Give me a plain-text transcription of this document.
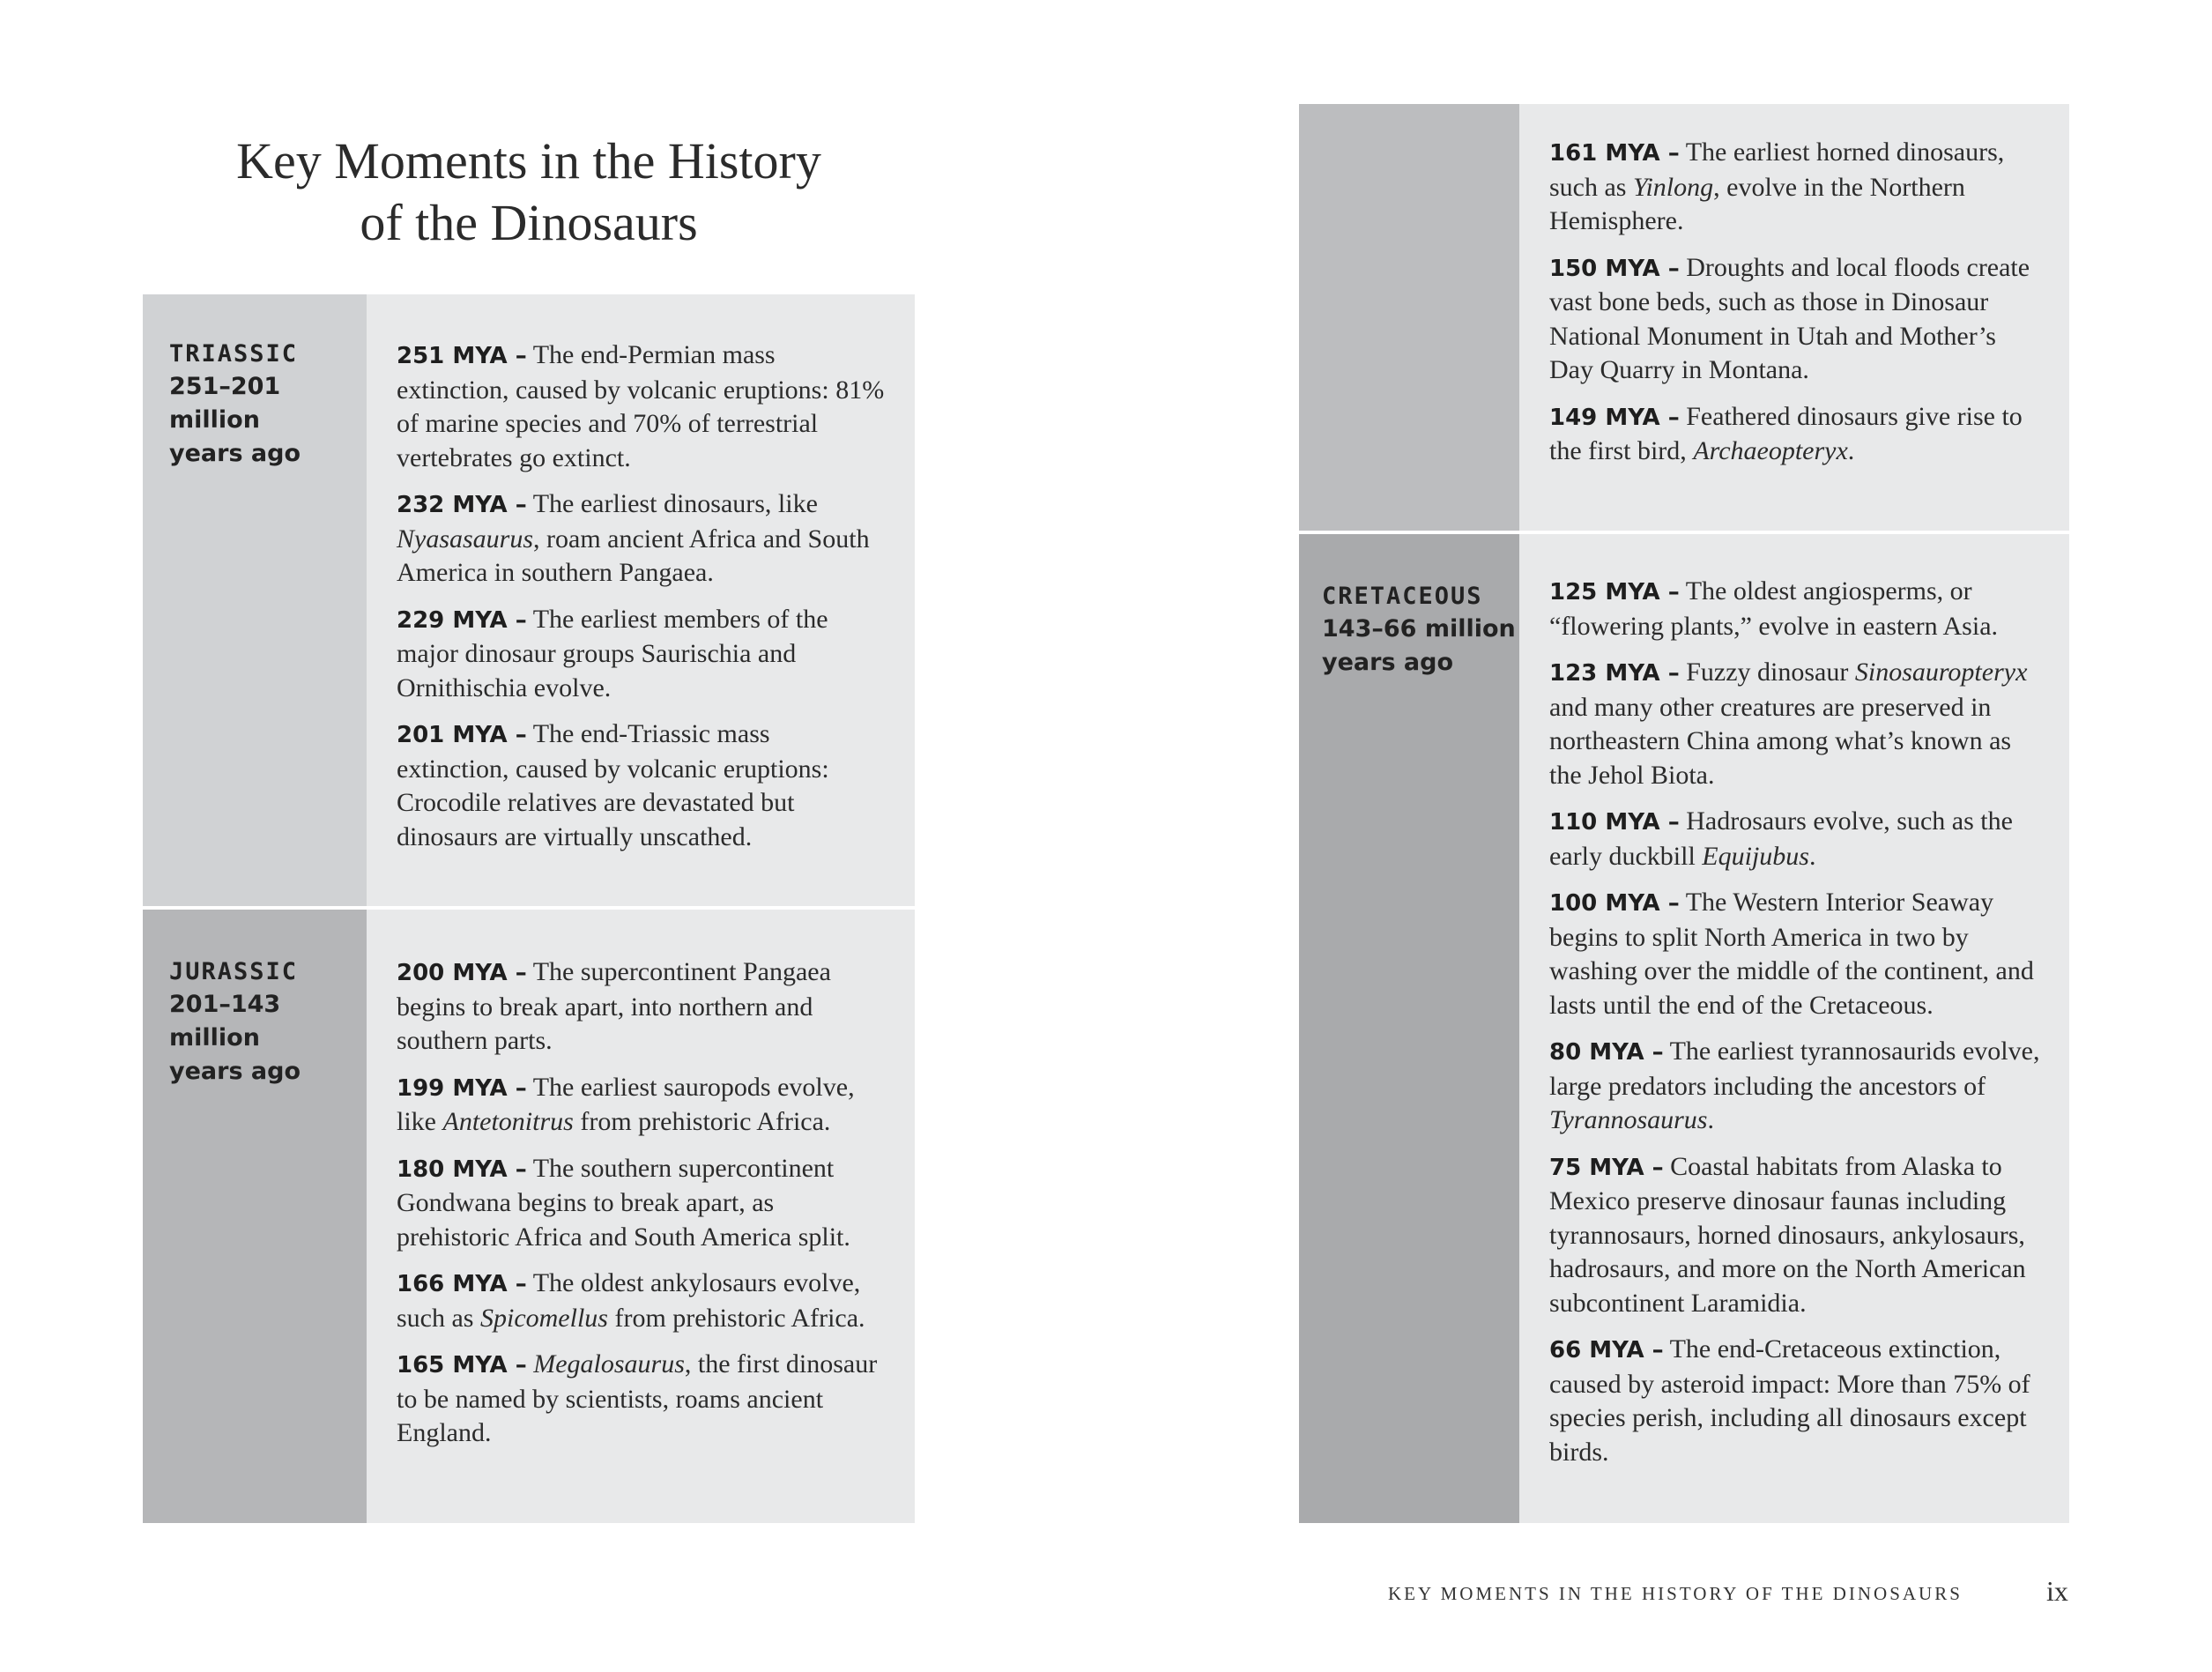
Key Moments in the History
of the Dinosaurs
TRIASSIC
251–201 million
years ago
251 MYA – The end-Permian mass extinction, caused by volcanic eruptions: 81% of marine species and 70% of terrestrial vertebrates go extinct.
232 MYA – The earliest dinosaurs, like Nyasasaurus, roam ancient Africa and South America in southern Pangaea.
229 MYA – The earliest members of the major dinosaur groups Saurischia and Ornithischia evolve.
201 MYA – The end-Triassic mass extinction, caused by volcanic eruptions: Crocodile relatives are devastated but dinosaurs are virtually unscathed.
JURASSIC
201–143 million
years ago
200 MYA – The supercontinent Pangaea begins to break apart, into northern and southern parts.
199 MYA – The earliest sauropods evolve, like Antetonitrus from prehistoric Africa.
180 MYA – The southern supercontinent Gondwana begins to break apart, as prehistoric Africa and South America split.
166 MYA – The oldest ankylosaurs evolve, such as Spicomellus from prehistoric Africa.
165 MYA – Megalosaurus, the first dinosaur to be named by scientists, roams ancient England.
161 MYA – The earliest horned dinosaurs, such as Yinlong, evolve in the Northern Hemisphere.
150 MYA – Droughts and local floods create vast bone beds, such as those in Dinosaur National Monument in Utah and Mother’s Day Quarry in Montana.
149 MYA – Feathered dinosaurs give rise to the first bird, Archaeopteryx.
CRETACEOUS
143–66 million
years ago
125 MYA – The oldest angiosperms, or “flowering plants,” evolve in eastern Asia.
123 MYA – Fuzzy dinosaur Sinosauropteryx and many other creatures are preserved in northeastern China among what’s known as the Jehol Biota.
110 MYA – Hadrosaurs evolve, such as the early duckbill Equijubus.
100 MYA – The Western Interior Seaway begins to split North America in two by washing over the middle of the continent, and lasts until the end of the Cretaceous.
80 MYA – The earliest tyrannosaurids evolve, large predators including the ancestors of Tyrannosaurus.
75 MYA – Coastal habitats from Alaska to Mexico preserve dinosaur faunas including tyrannosaurs, horned dinosaurs, ankylosaurs, hadrosaurs, and more on the North American subcontinent Laramidia.
66 MYA – The end-Cretaceous extinction, caused by asteroid impact: More than 75% of species perish, including all dinosaurs except birds.
KEY MOMENTS IN THE HISTORY OF THE DINOSAURS	ix
